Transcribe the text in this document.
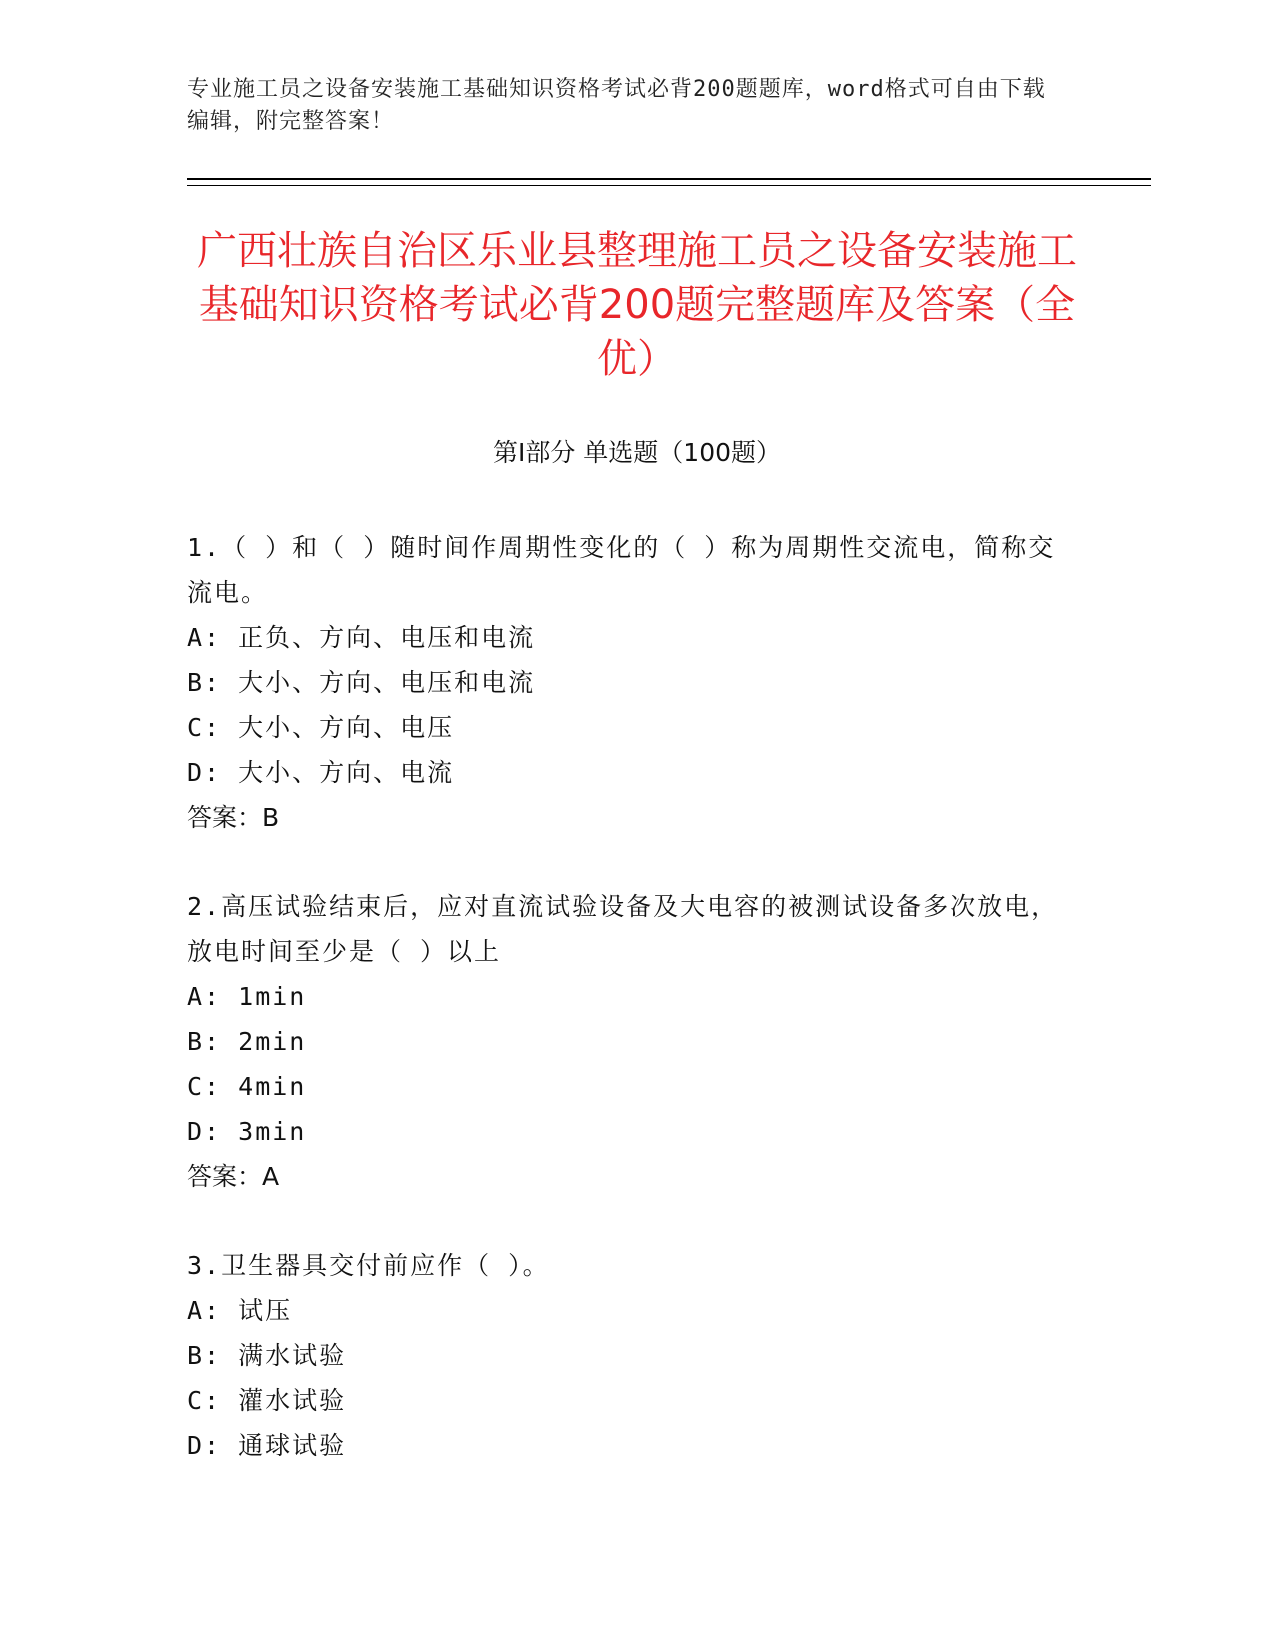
专业施工员之设备安装施工基础知识资格考试必背200题题库，word格式可自由下载编辑，附完整答案！
广西壮族自治区乐业县整理施工员之设备安装施工基础知识资格考试必背200题完整题库及答案（全优）
第Ⅰ部分 单选题（100题）
1.（ ）和（ ）随时间作周期性变化的（ ）称为周期性交流电，简称交流电。
A: 正负、方向、电压和电流
B: 大小、方向、电压和电流
C: 大小、方向、电压
D: 大小、方向、电流
答案：B
2.高压试验结束后，应对直流试验设备及大电容的被测试设备多次放电，放电时间至少是（ ）以上
A: 1min
B: 2min
C: 4min
D: 3min
答案：A
3.卫生器具交付前应作（ ）。
A: 试压
B: 满水试验
C: 灌水试验
D: 通球试验
